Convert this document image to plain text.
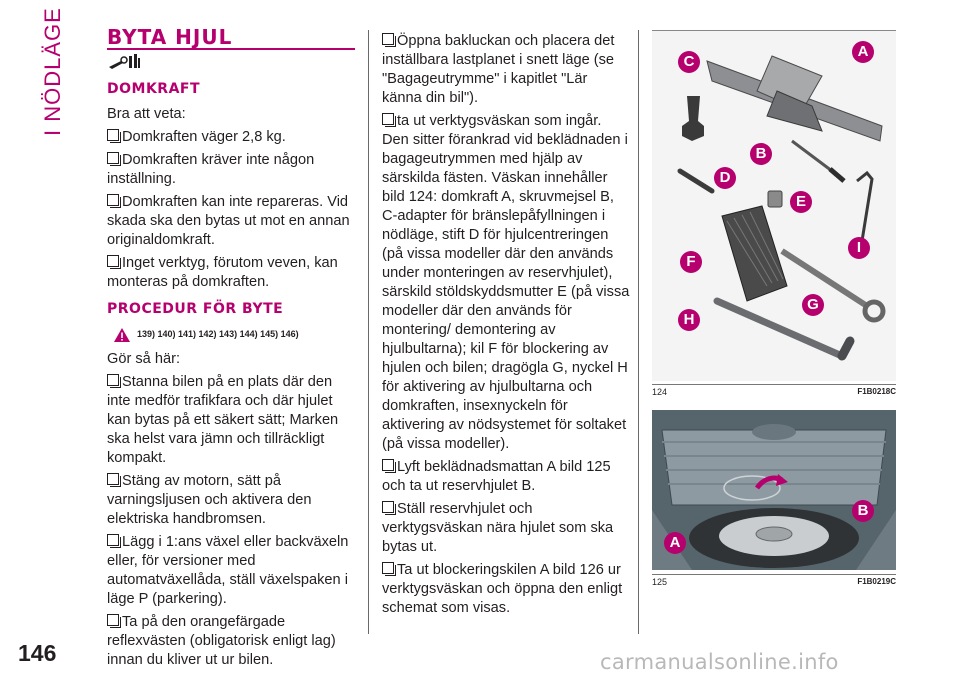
I NÖDLÄGE BYTA HJUL
DOMKRAFT

Bra att veta:

Domkraften väger 2,8 kg.

Domkraften kräver inte någon inställning.

Domkraften kan inte repareras. Vid skada ska den bytas ut mot en annan originaldomkraft.

Inget verktyg, förutom veven, kan monteras på domkraften.

PROCEDUR FÖR BYTE
139) 140) 141) 142) 143) 144) 145) 146)

Gör så här:

Stanna bilen på en plats där den inte medför trafikfara och där hjulet kan bytas på ett säkert sätt; Marken ska helst vara jämn och tillräckligt kompakt.

Stäng av motorn, sätt på varningsljusen och aktivera den elektriska handbromsen.

Lägg i 1:ans växel eller backväxeln eller, för versioner med automatväxellåda, ställ växelspaken i läge P (parkering).

Ta på den orangefärgade reflexvästen (obligatorisk enligt lag) innan du kliver ut ur bilen.

Öppna bakluckan och placera det inställbara lastplanet i snett läge (se "Bagageutrymme" i kapitlet "Lär känna din bil").

ta ut verktygsväskan som ingår. Den sitter förankrad vid beklädnaden i bagageutrymmen med hjälp av särskilda fästen. Väskan innehåller bild 124: domkraft A, skruvmejsel B, C-adapter för bränslepåfyllningen i nödläge, stift D för hjulcentreringen (på vissa modeller där den används under monteringen av reservhjulet), särskild stöldskyddsmutter E (på vissa modeller där den används för montering/ demontering av hjulbultarna); kil F för blockering av hjulen och bilen; dragögla G, nyckel H för aktivering av hjulbultarna och domkraften, insexnyckeln för aktivering av nödsystemet för soltaket (på vissa modeller).

Lyft beklädnadsmattan A bild 125 och ta ut reservhjulet B.

Ställ reservhjulet och verktygsväskan nära hjulet som ska bytas ut.

Ta ut blockeringskilen A bild 126 ur verktygsväskan och öppna den enligt schemat som visas.

C
A
B
D
E
I
F
G
H
124	F1B0218C
B
A
125	F1B0219C
146	carmanualsonline.info
